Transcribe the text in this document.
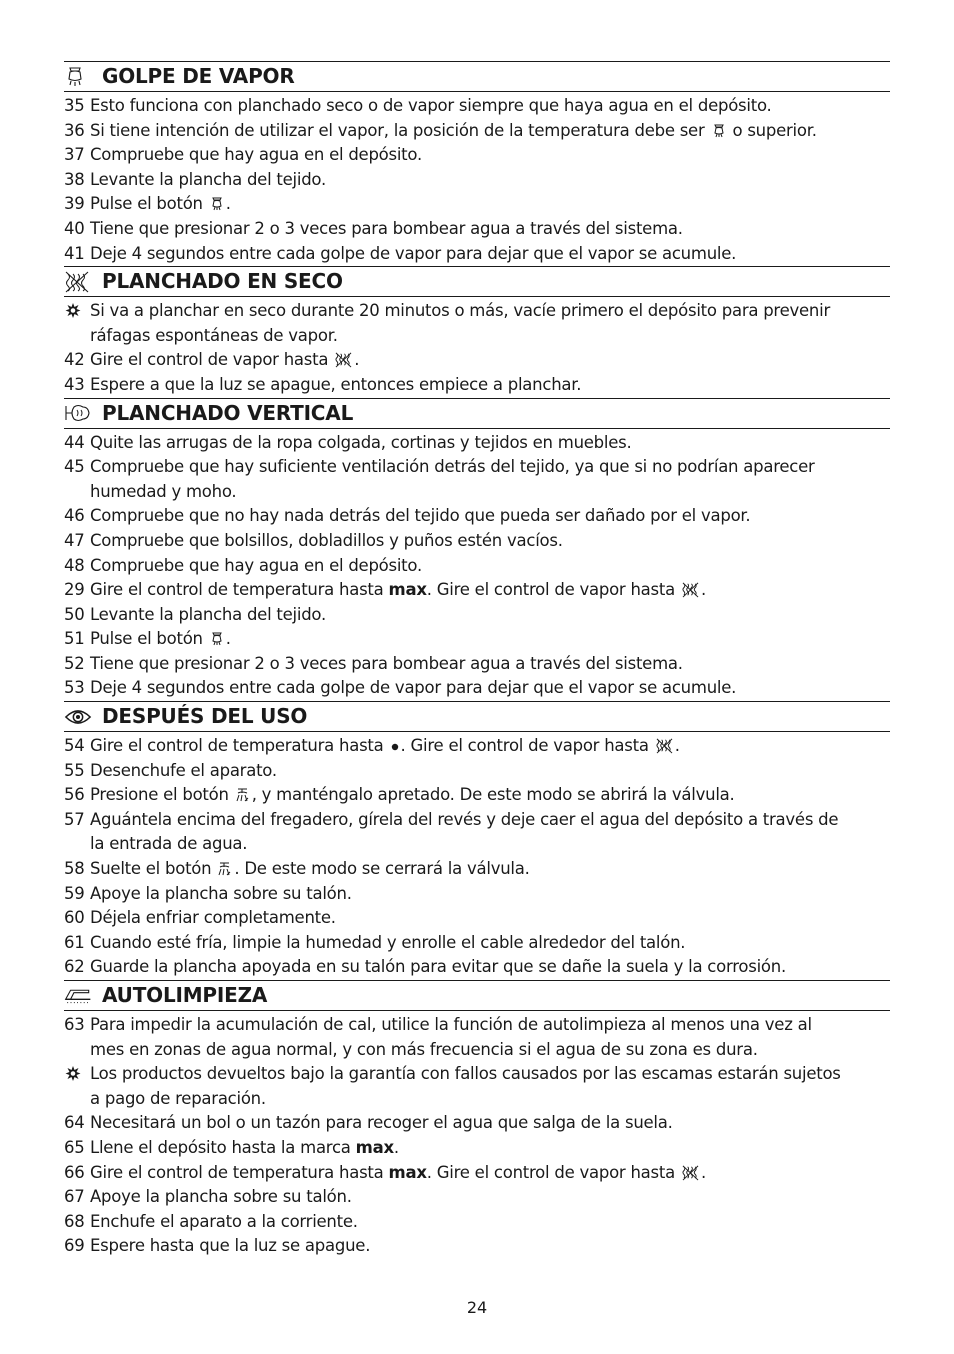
GOLPE DE VAPOR
35 Esto funciona con planchado seco o de vapor siempre que haya agua en el depósito.
36 Si tiene intención de utilizar el vapor, la posición de la temperatura debe ser o superior.
37 Compruebe que hay agua en el depósito.
38 Levante la plancha del tejido.
39 Pulse el botón .
40 Tiene que presionar 2 o 3 veces para bombear agua a través del sistema.
41 Deje 4 segundos entre cada golpe de vapor para dejar que el vapor se acumule.
PLANCHADO EN SECO
Si va a planchar en seco durante 20 minutos o más, vacíe primero el depósito para prevenir
ráfagas espontáneas de vapor.
42 Gire el control de vapor hasta .
43 Espere a que la luz se apague, entonces empiece a planchar.
PLANCHADO VERTICAL
44 Quite las arrugas de la ropa colgada, cortinas y tejidos en muebles.
45 Compruebe que hay suficiente ventilación detrás del tejido, ya que si no podrían aparecer
humedad y moho.
46 Compruebe que no hay nada detrás del tejido que pueda ser dañado por el vapor.
47 Compruebe que bolsillos, dobladillos y puños estén vacíos.
48 Compruebe que hay agua en el depósito.
29 Gire el control de temperatura hasta max. Gire el control de vapor hasta .
50 Levante la plancha del tejido.
51 Pulse el botón .
52 Tiene que presionar 2 o 3 veces para bombear agua a través del sistema.
53 Deje 4 segundos entre cada golpe de vapor para dejar que el vapor se acumule.
DESPUÉS DEL USO
54 Gire el control de temperatura hasta . Gire el control de vapor hasta .
55 Desenchufe el aparato.
56 Presione el botón , y manténgalo apretado. De este modo se abrirá la válvula.
57 Aguántela encima del fregadero, gírela del revés y deje caer el agua del depósito a través de
la entrada de agua.
58 Suelte el botón . De este modo se cerrará la válvula.
59 Apoye la plancha sobre su talón.
60 Déjela enfriar completamente.
61 Cuando esté fría, limpie la humedad y enrolle el cable alrededor del talón.
62 Guarde la plancha apoyada en su talón para evitar que se dañe la suela y la corrosión.
AUTOLIMPIEZA
63 Para impedir la acumulación de cal, utilice la función de autolimpieza al menos una vez al
mes en zonas de agua normal, y con más frecuencia si el agua de su zona es dura.
Los productos devueltos bajo la garantía con fallos causados por las escamas estarán sujetos
a pago de reparación.
64 Necesitará un bol o un tazón para recoger el agua que salga de la suela.
65 Llene el depósito hasta la marca max.
66 Gire el control de temperatura hasta max. Gire el control de vapor hasta .
67 Apoye la plancha sobre su talón.
68 Enchufe el aparato a la corriente.
69 Espere hasta que la luz se apague.
24
